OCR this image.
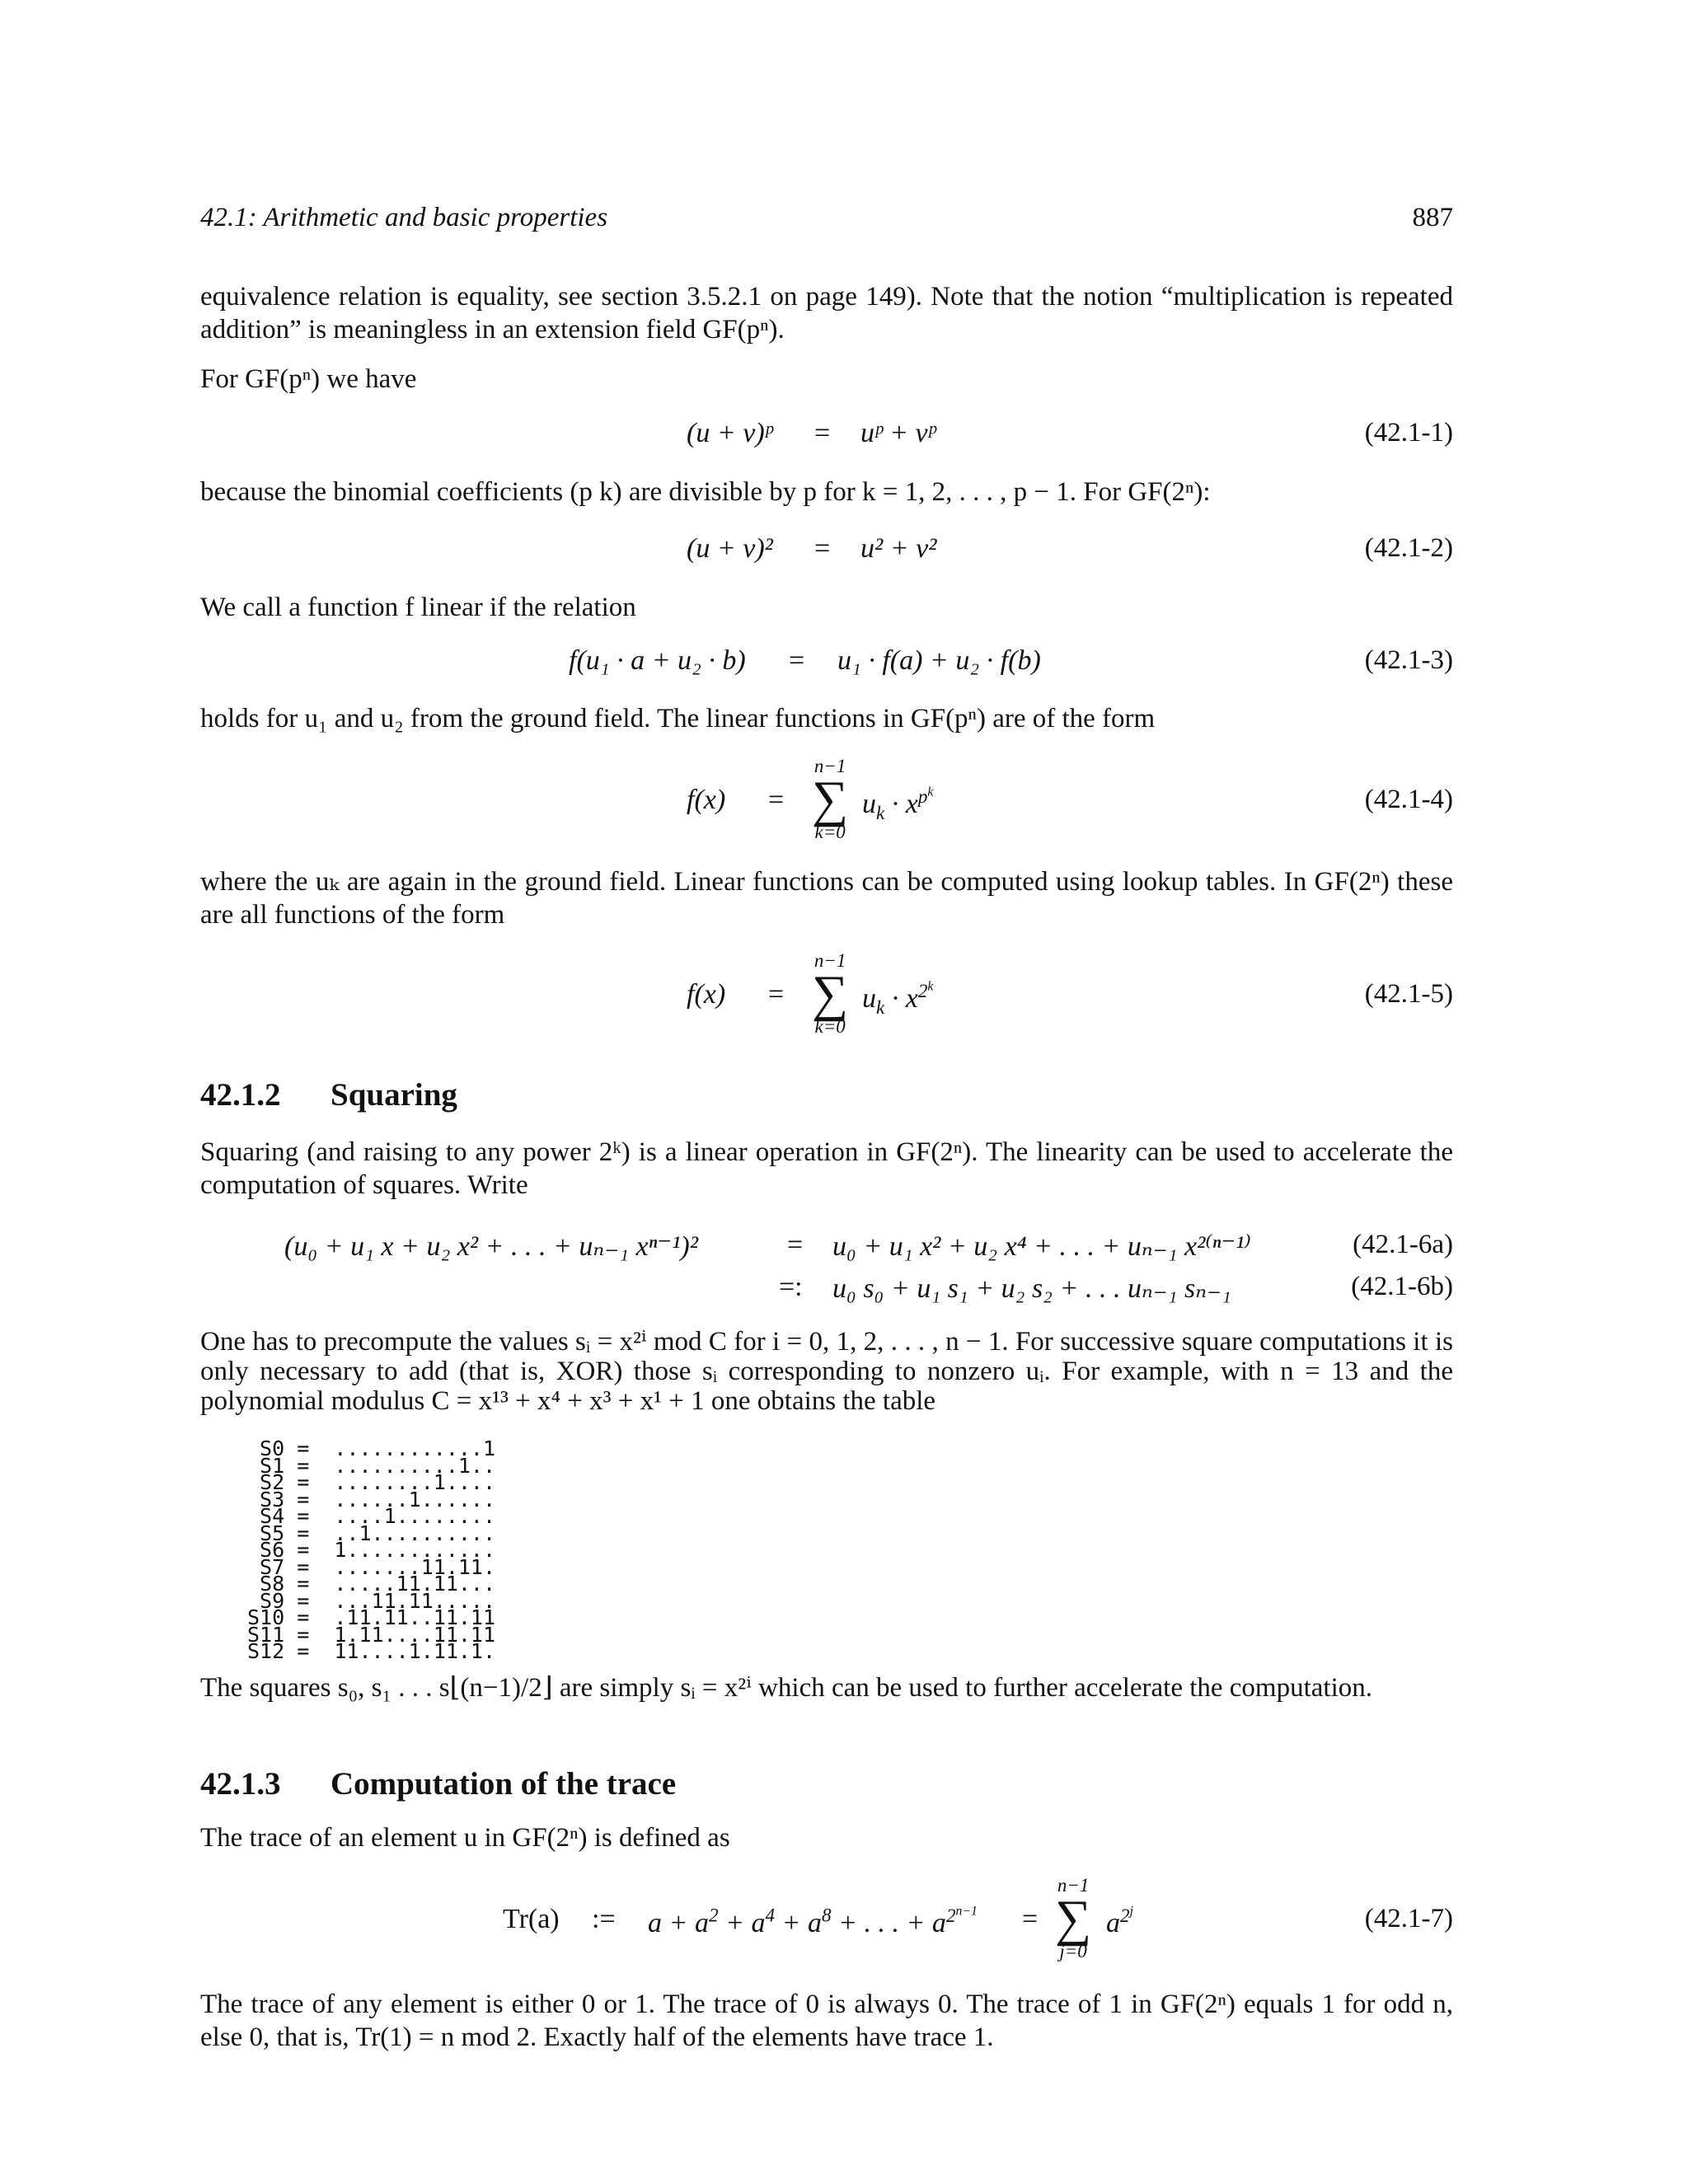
42.1: Arithmetic and basic properties	887
equivalence relation is equality, see section 3.5.2.1 on page 149). Note that the notion “multiplication is repeated addition” is meaningless in an extension field GF(pⁿ).
For GF(pⁿ) we have
(u + v)ᵖ = uᵖ + vᵖ	(42.1-1)
because the binomial coefficients (p k) are divisible by p for k = 1, 2, . . . , p − 1. For GF(2ⁿ):
(u + v)² = u² + v²	(42.1-2)
We call a function f linear if the relation
f(u₁ · a + u₂ · b) = u₁ · f(a) + u₂ · f(b)	(42.1-3)
holds for u₁ and u₂ from the ground field. The linear functions in GF(pⁿ) are of the form
f(x) =
n−1
∑
k=0
$u_k \cdot x^{p^k}$	(42.1-4)
where the uₖ are again in the ground field. Linear functions can be computed using lookup tables. In GF(2ⁿ) these are all functions of the form
f(x) =
n−1
∑
k=0
$u_k \cdot x^{2^k}$	(42.1-5)
42.1.2 Squaring
Squaring (and raising to any power 2ᵏ) is a linear operation in GF(2ⁿ). The linearity can be used to accelerate the computation of squares. Write
(u₀ + u₁ x + u₂ x² + . . . + uₙ₋₁ xⁿ⁻¹)²	= u₀ + u₁ x² + u₂ x⁴ + . . . + uₙ₋₁ x²⁽ⁿ⁻¹⁾	(42.1-6a)
=: u₀ s₀ + u₁ s₁ + u₂ s₂ + . . . uₙ₋₁ sₙ₋₁	(42.1-6b)
One has to precompute the values sᵢ = x²ⁱ mod C for i = 0, 1, 2, . . . , n − 1. For successive square computations it is only necessary to add (that is, XOR) those sᵢ corresponding to nonzero uᵢ. For example, with n = 13 and the polynomial modulus C = x¹³ + x⁴ + x³ + x¹ + 1 one obtains the table
S0 =  ............1
S1 =  ..........1..
S2 =  ........1....
S3 =  ......1......
S4 =  ....1........
S5 =  ..1..........
S6 =  1............
S7 =  .......11.11.
S8 =  .....11.11...
S9 =  ...11.11.....
S10 =  .11.11..11.11
S11 =  1.11....11.11
S12 =  11....1.11.1.
The squares s₀, s₁ . . . s⌊(n−1)/2⌋ are simply sᵢ = x²ⁱ which can be used to further accelerate the computation.
42.1.3 Computation of the trace
The trace of an element u in GF(2ⁿ) is defined as
Tr(a) := $a + a^2 + a^4 + a^8$ + . . . + $a^{2^{n-1}}$ =
n−1
∑
j=0
$a^{2^j}$	(42.1-7)
The trace of any element is either 0 or 1. The trace of 0 is always 0. The trace of 1 in GF(2ⁿ) equals 1 for odd n, else 0, that is, Tr(1) = n mod 2. Exactly half of the elements have trace 1.
